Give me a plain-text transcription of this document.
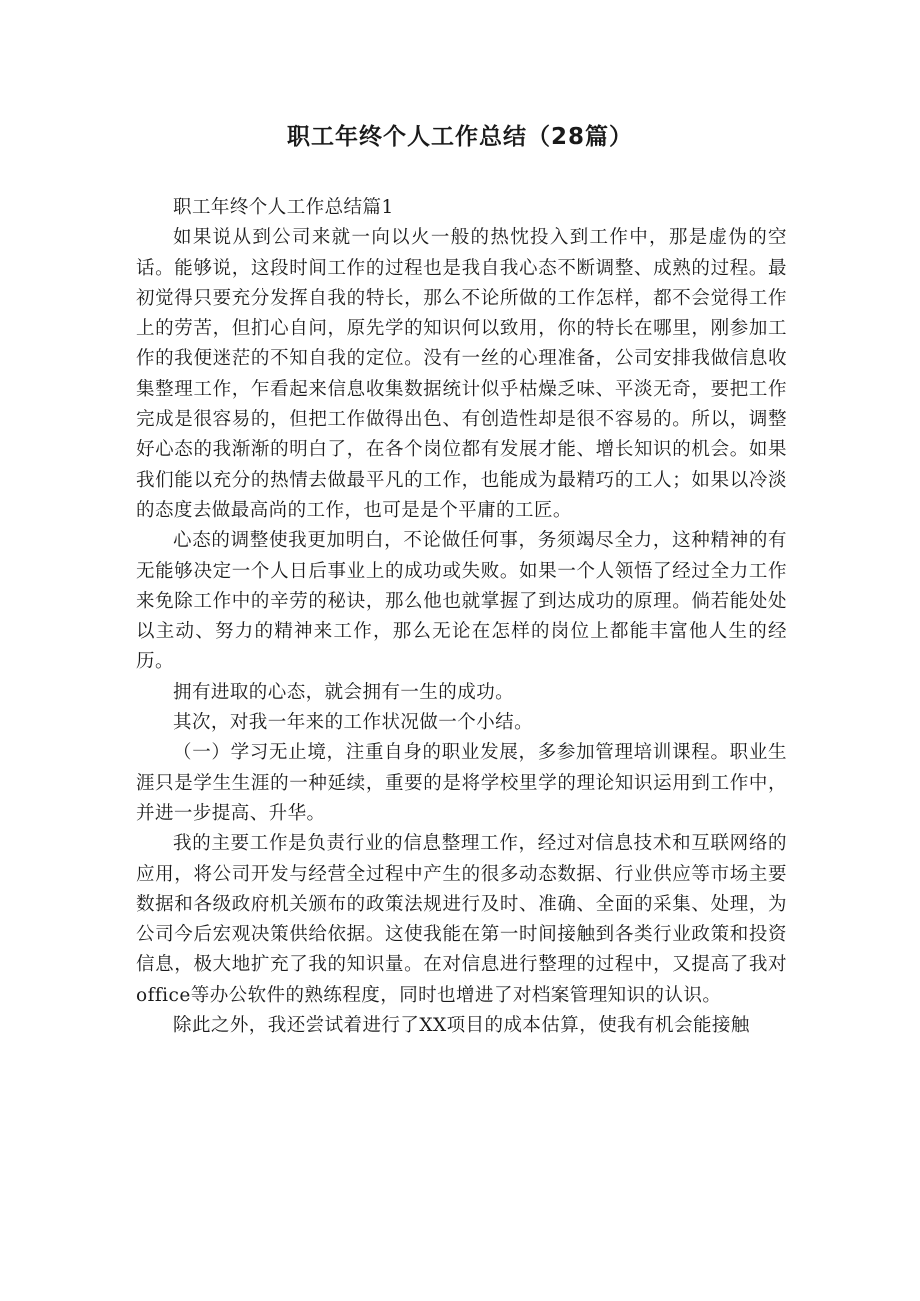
职工年终个人工作总结（28篇）

职工年终个人工作总结篇1

如果说从到公司来就一向以火一般的热忱投入到工作中，那是虚伪的空话。能够说，这段时间工作的过程也是我自我心态不断调整、成熟的过程。最初觉得只要充分发挥自我的特长，那么不论所做的工作怎样，都不会觉得工作上的劳苦，但扪心自问，原先学的知识何以致用，你的特长在哪里，刚参加工作的我便迷茫的不知自我的定位。没有一丝的心理准备，公司安排我做信息收集整理工作，乍看起来信息收集数据统计似乎枯燥乏味、平淡无奇，要把工作完成是很容易的，但把工作做得出色、有创造性却是很不容易的。所以，调整好心态的我渐渐的明白了，在各个岗位都有发展才能、增长知识的机会。如果我们能以充分的热情去做最平凡的工作，也能成为最精巧的工人；如果以冷淡的态度去做最高尚的工作，也可是是个平庸的工匠。

心态的调整使我更加明白，不论做任何事，务须竭尽全力，这种精神的有无能够决定一个人日后事业上的成功或失败。如果一个人领悟了经过全力工作来免除工作中的辛劳的秘诀，那么他也就掌握了到达成功的原理。倘若能处处以主动、努力的精神来工作，那么无论在怎样的岗位上都能丰富他人生的经历。

拥有进取的心态，就会拥有一生的成功。

其次，对我一年来的工作状况做一个小结。

（一）学习无止境，注重自身的职业发展，多参加管理培训课程。职业生涯只是学生生涯的一种延续，重要的是将学校里学的理论知识运用到工作中，并进一步提高、升华。

我的主要工作是负责行业的信息整理工作，经过对信息技术和互联网络的应用，将公司开发与经营全过程中产生的很多动态数据、行业供应等市场主要数据和各级政府机关颁布的政策法规进行及时、准确、全面的采集、处理，为公司今后宏观决策供给依据。这使我能在第一时间接触到各类行业政策和投资信息，极大地扩充了我的知识量。在对信息进行整理的过程中，又提高了我对office等办公软件的熟练程度，同时也增进了对档案管理知识的认识。

除此之外，我还尝试着进行了XX项目的成本估算，使我有机会能接触
